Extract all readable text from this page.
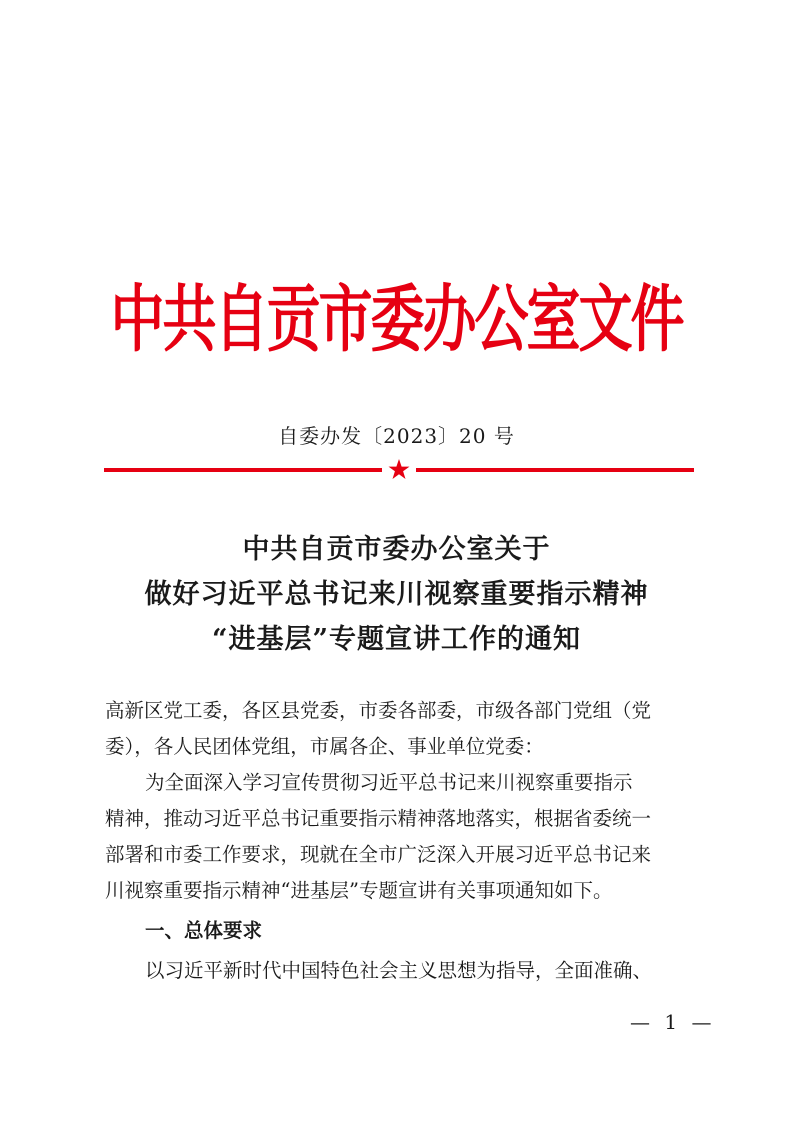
中共自贡市委办公室文件
自委办发〔2023〕20 号
中共自贡市委办公室关于
做好习近平总书记来川视察重要指示精神
“进基层”专题宣讲工作的通知
高新区党工委，各区县党委，市委各部委，市级各部门党组（党
委），各人民团体党组，市属各企、事业单位党委：
为全面深入学习宣传贯彻习近平总书记来川视察重要指示
精神，推动习近平总书记重要指示精神落地落实，根据省委统一
部署和市委工作要求，现就在全市广泛深入开展习近平总书记来
川视察重要指示精神“进基层”专题宣讲有关事项通知如下。
一、总体要求
以习近平新时代中国特色社会主义思想为指导，全面准确、
— 1 —
